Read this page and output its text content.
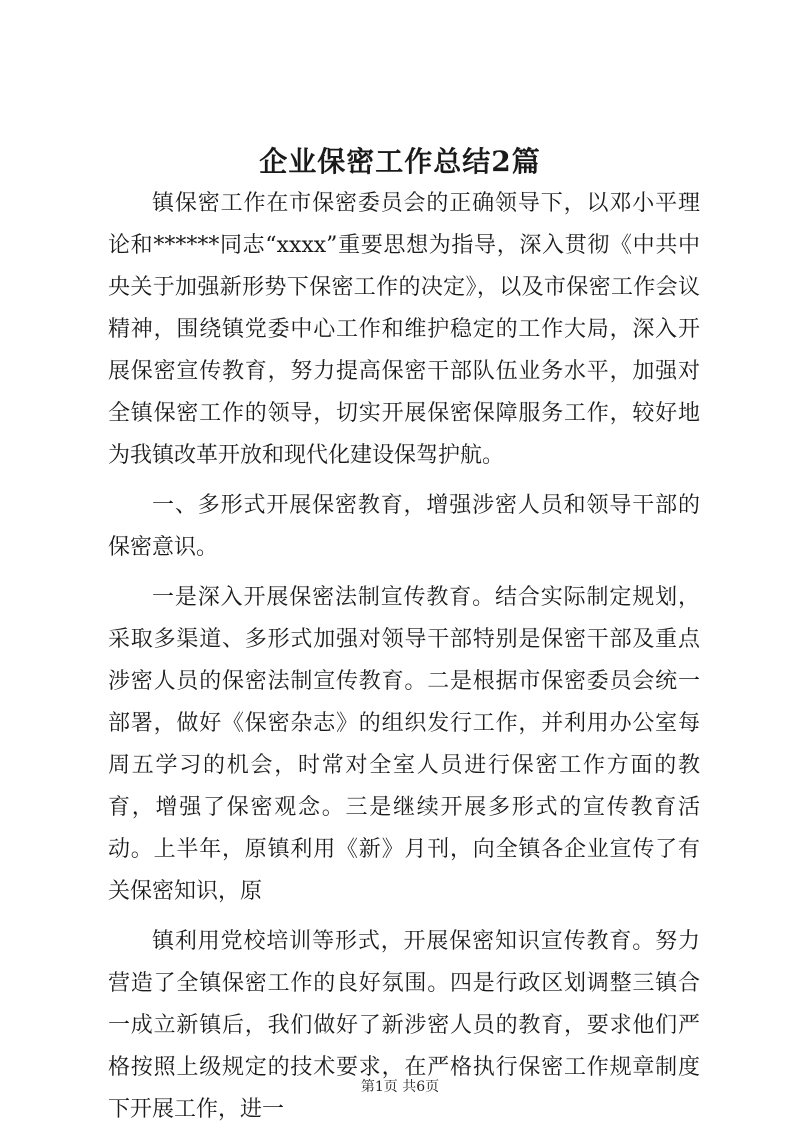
企业保密工作总结2篇

镇保密工作在市保密委员会的正确领导下，以邓小平理论和******同志“xxxx”重要思想为指导，深入贯彻《中共中央关于加强新形势下保密工作的决定》，以及市保密工作会议精神，围绕镇党委中心工作和维护稳定的工作大局，深入开展保密宣传教育，努力提高保密干部队伍业务水平，加强对全镇保密工作的领导，切实开展保密保障服务工作，较好地为我镇改革开放和现代化建设保驾护航。

一、多形式开展保密教育，增强涉密人员和领导干部的保密意识。

一是深入开展保密法制宣传教育。结合实际制定规划，采取多渠道、多形式加强对领导干部特别是保密干部及重点涉密人员的保密法制宣传教育。二是根据市保密委员会统一部署，做好《保密杂志》的组织发行工作，并利用办公室每周五学习的机会，时常对全室人员进行保密工作方面的教育，增强了保密观念。三是继续开展多形式的宣传教育活动。上半年，原镇利用《新》月刊，向全镇各企业宣传了有关保密知识，原

镇利用党校培训等形式，开展保密知识宣传教育。努力营造了全镇保密工作的良好氛围。四是行政区划调整三镇合一成立新镇后，我们做好了新涉密人员的教育，要求他们严格按照上级规定的技术要求，在严格执行保密工作规章制度下开展工作，进一

第1页 共6页
